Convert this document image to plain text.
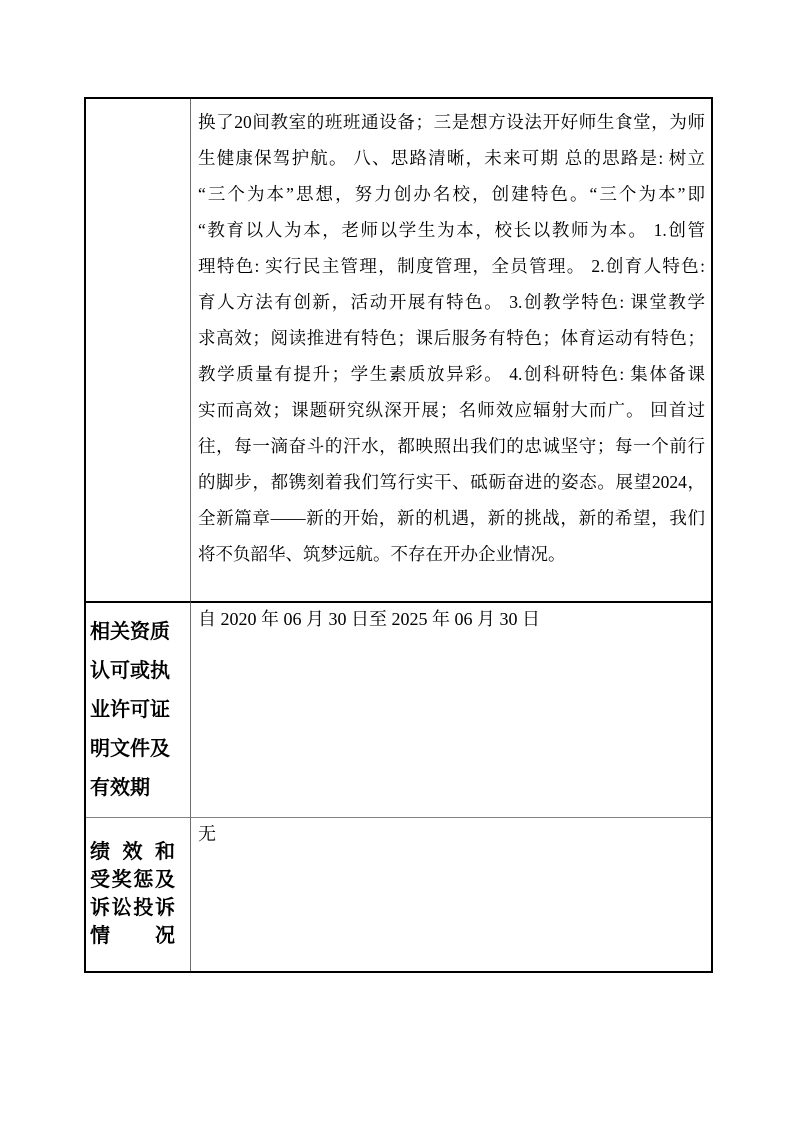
换了20间教室的班班通设备；三是想方设法开好师生食堂，为师
生健康保驾护航。 八、思路清晰，未来可期 总的思路是: 树立
“三个为本”思想，努力创办名校，创建特色。“三个为本”即
“教育以人为本，老师以学生为本，校长以教师为本。 1.创管
理特色: 实行民主管理，制度管理，全员管理。 2.创育人特色:
育人方法有创新，活动开展有特色。 3.创教学特色: 课堂教学
求高效；阅读推进有特色；课后服务有特色；体育运动有特色；
教学质量有提升；学生素质放异彩。 4.创科研特色: 集体备课
实而高效；课题研究纵深开展；名师效应辐射大而广。 回首过
往，每一滴奋斗的汗水，都映照出我们的忠诚坚守；每一个前行
的脚步，都镌刻着我们笃行实干、砥砺奋进的姿态。展望2024，
全新篇章——新的开始，新的机遇，新的挑战，新的希望，我们
将不负韶华、筑梦远航。不存在开办企业情况。
相关资质
认可或执
业许可证
明文件及
有效期
自 2020 年 06 月 30 日至 2025 年 06 月 30 日
绩效和
受奖惩及
诉讼投诉
情况
无
